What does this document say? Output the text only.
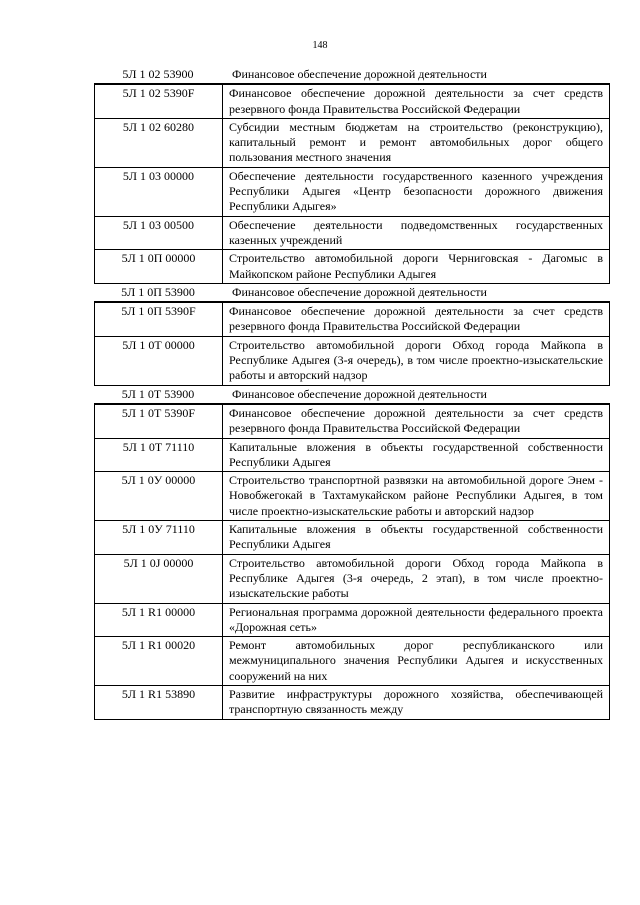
148
5Л 1 02 53900	Финансовое обеспечение дорожной деятельности
5Л 1 02 5390F	Финансовое обеспечение дорожной деятельности за счет средств резервного фонда Правительства Российской Федерации
5Л 1 02 60280	Субсидии местным бюджетам на строительство (реконструкцию), капитальный ремонт и ремонт автомобильных дорог общего пользования местного значения
5Л 1 03 00000	Обеспечение деятельности государственного казенного учреждения Республики Адыгея «Центр безопасности дорожного движения Республики Адыгея»
5Л 1 03 00500	Обеспечение деятельности подведомственных государственных казенных учреждений
5Л 1 0П 00000	Строительство автомобильной дороги Черниговская - Дагомыс в Майкопском районе Республики Адыгея
5Л 1 0П 53900	Финансовое обеспечение дорожной деятельности
5Л 1 0П 5390F	Финансовое обеспечение дорожной деятельности за счет средств резервного фонда Правительства Российской Федерации
5Л 1 0Т 00000	Строительство автомобильной дороги Обход города Майкопа в Республике Адыгея (3-я очередь), в том числе проектно-изыскательские работы и авторский надзор
5Л 1 0Т 53900	Финансовое обеспечение дорожной деятельности
5Л 1 0Т 5390F	Финансовое обеспечение дорожной деятельности за счет средств резервного фонда Правительства Российской Федерации
5Л 1 0Т 71110	Капитальные вложения в объекты государственной собственности Республики Адыгея
5Л 1 0У 00000	Строительство транспортной развязки на автомобильной дороге Энем - Новобжегокай в Тахтамукайском районе Республики Адыгея, в том числе проектно-изыскательские работы и авторский надзор
5Л 1 0У 71110	Капитальные вложения в объекты государственной собственности Республики Адыгея
5Л 1 0J 00000	Строительство автомобильной дороги Обход города Майкопа в Республике Адыгея (3-я очередь, 2 этап), в том числе проектно-изыскательские работы
5Л 1 R1 00000	Региональная программа дорожной деятельности федерального проекта «Дорожная сеть»
5Л 1 R1 00020	Ремонт автомобильных дорог республиканского или межмуниципального значения Республики Адыгея и искусственных сооружений на них
5Л 1 R1 53890	Развитие инфраструктуры дорожного хозяйства, обеспечивающей транспортную связанность между
